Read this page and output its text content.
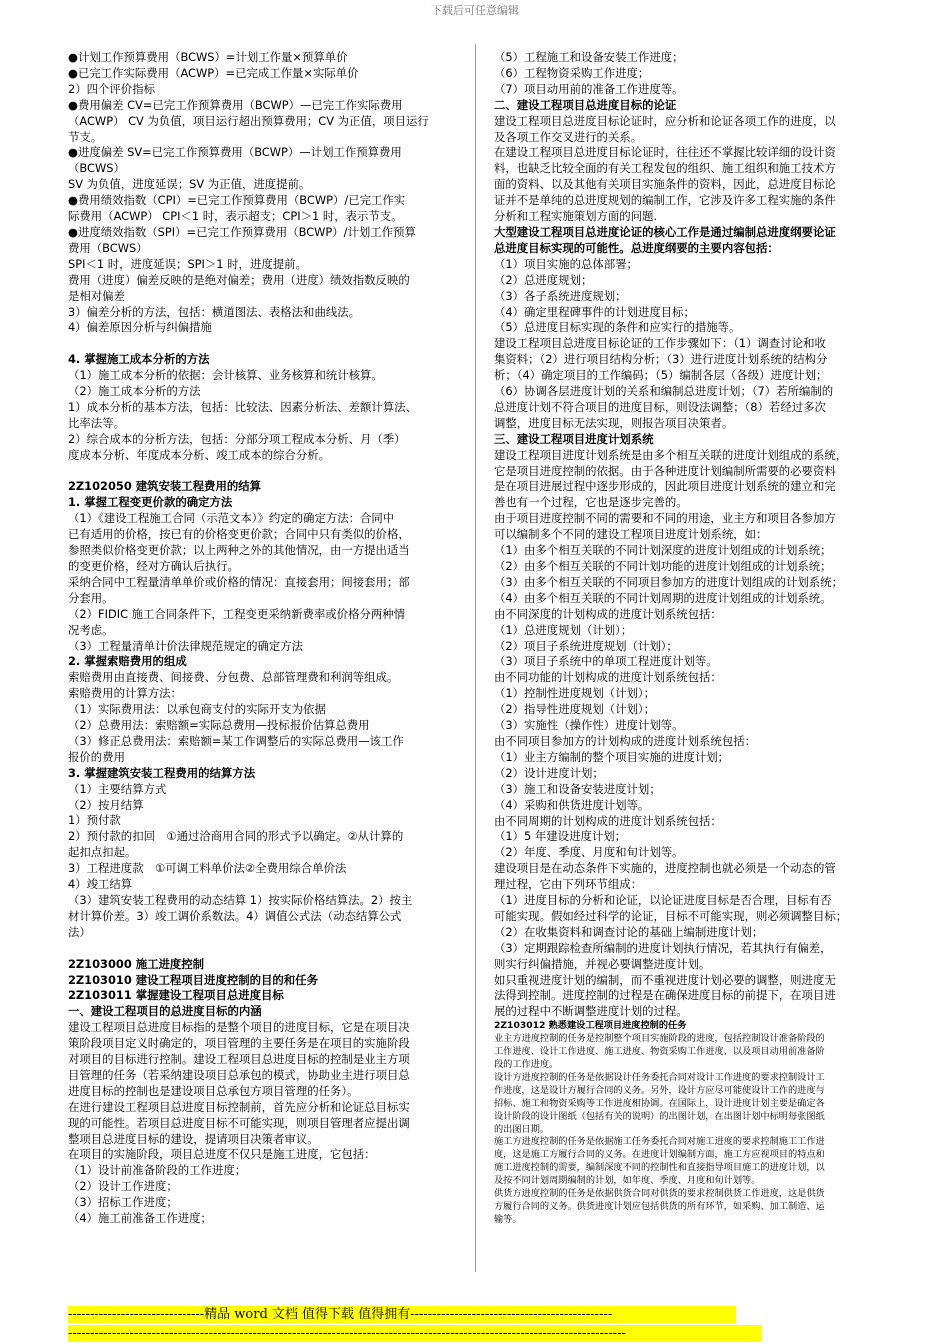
下载后可任意编辑
●计划工作预算费用（BCWS）=计划工作量×预算单价
●已完工作实际费用（ACWP）=已完成工作量×实际单价
2）四个评价指标
●费用偏差 CV=已完工作预算费用（BCWP）—已完工作实际费用
（ACWP） CV 为负值，项目运行超出预算费用；CV 为正值，项目运行
节支。
●进度偏差 SV=已完工作预算费用（BCWP）—计划工作预算费用
（BCWS）
SV 为负值，进度延误；SV 为正值，进度提前。
●费用绩效指数（CPI）=已完工作预算费用（BCWP）/已完工作实
际费用（ACWP） CPI＜1 时，表示超支；CPI＞1 时，表示节支。
●进度绩效指数（SPI）=已完工作预算费用（BCWP）/计划工作预算
费用（BCWS）
SPI＜1 时，进度延误；SPI＞1 时，进度提前。
费用（进度）偏差反映的是绝对偏差；费用（进度）绩效指数反映的
是相对偏差
3）偏差分析的方法，包括：横道图法、表格法和曲线法。
4）偏差原因分析与纠偏措施
4. 掌握施工成本分析的方法
（1）施工成本分析的依据：会计核算、业务核算和统计核算。
（2）施工成本分析的方法
1）成本分析的基本方法，包括：比较法、因素分析法、差额计算法、
比率法等。
2）综合成本的分析方法，包括：分部分项工程成本分析、月（季）
度成本分析、年度成本分析、竣工成本的综合分析。
2Z102050 建筑安装工程费用的结算
1. 掌握工程变更价款的确定方法
（1）《建设工程施工合同（示范文本）》约定的确定方法：合同中
已有适用的价格，按已有的价格变更价款；合同中只有类似的价格，
参照类似价格变更价款；以上两种之外的其他情况，由一方提出适当
的变更价格，经对方确认后执行。
采纳合同中工程量清单单价或价格的情况：直接套用；间接套用；部
分套用。
（2）FIDIC 施工合同条件下，工程变更采纳新费率或价格分两种情
况考虑。
（3）工程量清单计价法律规范规定的确定方法
2. 掌握索赔费用的组成
索赔费用由直接费、间接费、分包费、总部管理费和利润等组成。
索赔费用的计算方法：
（1）实际费用法：以承包商支付的实际开支为依据
（2）总费用法：索赔额=实际总费用—投标报价估算总费用
（3）修正总费用法：索赔额=某工作调整后的实际总费用—该工作
报价的费用
3. 掌握建筑安装工程费用的结算方法
（1）主要结算方式
（2）按月结算
1）预付款
2）预付款的扣回　①通过洽商用合同的形式予以确定。②从计算的
起扣点扣起。
3）工程进度款　①可调工料单价法②全费用综合单价法
4）竣工结算
（3）建筑安装工程费用的动态结算 1）按实际价格结算法。2）按主
材计算价差。3）竣工调价系数法。4）调值公式法（动态结算公式
法）
2Z103000 施工进度控制
2Z103010 建设工程项目进度控制的目的和任务
2Z103011 掌握建设工程项目总进度目标
一、建设工程项目的总进度目标的内涵
建设工程项目总进度目标指的是整个项目的进度目标，它是在项目决
策阶段项目定义时确定的，项目管理的主要任务是在项目的实施阶段
对项目的目标进行控制。建设工程项目总进度目标的控制是业主方项
目管理的任务（若采纳建设项目总承包的模式，协助业主进行项目总
进度目标的控制也是建设项目总承包方项目管理的任务）。
在进行建设工程项目总进度目标控制前，首先应分析和论证总目标实
现的可能性。若项目总进度目标不可能实现，则项目管理者应提出调
整项目总进度目标的建设，提请项目决策者审议。
在项目的实施阶段，项目总进度不仅只是施工进度，它包括：
（1）设计前准备阶段的工作进度；
（2）设计工作进度；
（3）招标工作进度；
（4）施工前准备工作进度；
（5）工程施工和设备安装工作进度；
（6）工程物资采购工作进度；
（7）项目动用前的准备工作进度等。
二、建设工程项目总进度目标的论证
建设工程项目总进度目标论证时，应分析和论证各项工作的进度，以
及各项工作交叉进行的关系。
在建设工程项目总进度目标论证时，往往还不掌握比较详细的设计资
料，也缺乏比较全面的有关工程发包的组织、施工组织和施工技术方
面的资料、以及其他有关项目实施条件的资料，因此，总进度目标论
证并不是单纯的总进度规划的编制工作，它涉及许多工程实施的条件
分析和工程实施策划方面的问题.
大型建设工程项目总进度论证的核心工作是通过编制总进度纲要论证
总进度目标实现的可能性。总进度纲要的主要内容包括：
（1）项目实施的总体部署；
（2）总进度规划；
（3）各子系统进度规划；
（4）确定里程碑事件的计划进度目标；
（5）总进度目标实现的条件和应实行的措施等。
建设工程项目总进度目标论证的工作步骤如下：（1）调查讨论和收
集资料；（2）进行项目结构分析；（3）进行进度计划系统的结构分
析；（4）确定项目的工作编码；（5）编制各层（各级）进度计划；
（6）协调各层进度计划的关系和编制总进度计划；（7）若所编制的
总进度计划不符合项目的进度目标，则设法调整；（8）若经过多次
调整，进度目标无法实现，则报告项目决策者。
三、建设工程项目进度计划系统
建设工程项目进度计划系统是由多个相互关联的进度计划组成的系统，
它是项目进度控制的依据。由于各种进度计划编制所需要的必要资料
是在项目进展过程中逐步形成的，因此项目进度计划系统的建立和完
善也有一个过程，它也是逐步完善的。
由于项目进度控制不同的需要和不同的用途，业主方和项目各参加方
可以编制多个不同的建设工程项目进度计划系统，如：
（1）由多个相互关联的不同计划深度的进度计划组成的计划系统；
（2）由多个相互关联的不同计划功能的进度计划组成的计划系统；
（3）由多个相互关联的不同项目参加方的进度计划组成的计划系统；
（4）由多个相互关联的不同计划周期的进度计划组成的计划系统。
由不同深度的计划构成的进度计划系统包括：
（1）总进度规划（计划）；
（2）项目子系统进度规划（计划）；
（3）项目子系统中的单项工程进度计划等。
由不同功能的计划构成的进度计划系统包括：
（1）控制性进度规划（计划）；
（2）指导性进度规划（计划）；
（3）实施性（操作性）进度计划等。
由不同项目参加方的计划构成的进度计划系统包括：
（1）业主方编制的整个项目实施的进度计划；
（2）设计进度计划；
（3）施工和设备安装进度计划；
（4）采购和供货进度计划等。
由不同周期的计划构成的进度计划系统包括：
（1）5 年建设进度计划；
（2）年度、季度、月度和旬计划等。
建设项目是在动态条件下实施的，进度控制也就必须是一个动态的管
理过程，它由下列环节组成：
（1）进度目标的分析和论证，以论证进度目标是否合理，目标有否
可能实现。假如经过科学的论证，目标不可能实现，则必须调整目标；
（2）在收集资料和调查讨论的基础上编制进度计划；
（3）定期跟踪检查所编制的进度计划执行情况，若其执行有偏差，
则实行纠偏措施，并视必要调整进度计划。
如只重视进度计划的编制，而不重视进度计划必要的调整，则进度无
法得到控制。进度控制的过程是在确保进度目标的前提下，在项目进
展的过程中不断调整进度计划的过程。
2Z103012 熟悉建设工程项目进度控制的任务
业主方进度控制的任务是控制整个项目实施阶段的进度，包括控制设计准备阶段的
工作进度、设计工作进度、施工进度、物资采购工作进度、以及项目动用前准备阶
段的工作进度。
设计方进度控制的任务是依据设计任务委托合同对设计工作进度的要求控制设计工
作进度，这是设计方履行合同的义务。另外，设计方应尽可能使设计工作的进度与
招标、施工和物资采购等工作进度相协调。在国际上，设计进度计划主要是确定各
设计阶段的设计图纸（包括有关的说明）的出图计划，在出图计划中标明每张图纸
的出图日期。
施工方进度控制的任务是依据施工任务委托合同对施工进度的要求控制施工工作进
度，这是施工方履行合同的义务。在进度计划编制方面，施工方应视项目的特点和
施工进度控制的需要，编制深度不同的控制性和直接指导项目施工的进度计划，以
及按不同计划周期编制的计划，如年度、季度、月度和旬计划等。
供货方进度控制的任务是依据供货合同对供货的要求控制供货工作进度，这是供货
方履行合同的义务。供货进度计划应包括供货的所有环节，如采购、加工制造、运
输等。
-------------------------------精品 word 文档 值得下载 值得拥有----------------------------------------------
-------------------------------------------------------------------------------------------------------------------------------
